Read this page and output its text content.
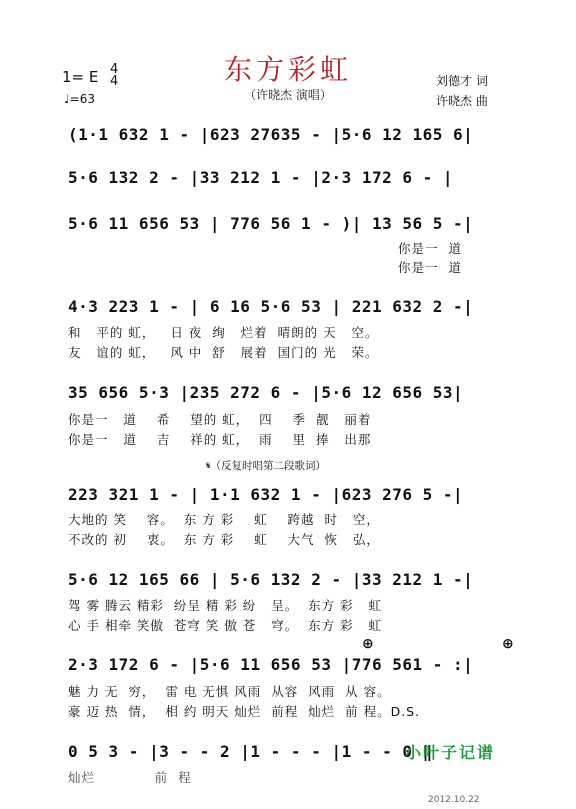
东方彩虹
（许晓杰 演唱）
1= E 4
4
♩=63
刘德才 词
许晓杰 曲
(1·1 632 1 - |623 27635 - |5·6 12 165 6|
5·6 132 2 - |33 212 1 - |2·3 172 6 - |
5·6 11 656 53 | 776 56 1 - )| 13 56 5 -|
你是一  道
你是一  道
4·3 223 1 - | 6 16 5·6 53 | 221 632 2 -|
和   平的 虹，   日 夜  绚   烂着  晴朗的 天   空。
友   谊的 虹，   风 中  舒   展着  国门的 光   荣。
35 656 5·3 |235 272 6 - |5·6 12 656 53|
你是一   道    希    望的 虹，  四    季  靓   丽着
你是一   道    吉    祥的 虹，  雨    里  捧   出那
𝄋（反复时唱第二段歌词）
223 321 1 - | 1·1 632 1 - |623 276 5 -|
大地的 笑    容。  东 方 彩    虹    跨越  时   空，
不改的 初    衷。  东 方 彩    虹    大气  恢   弘，
5·6 12 165 66 | 5·6 132 2 - |33 212 1 -|
驾 雾 腾云 精彩  纷呈 精 彩 纷   呈。  东方 彩   虹
心 手 相牵 笑傲  苍穹 笑 傲 苍   穹。  东方 彩   虹
⊕	⊕
2·3 172 6 - |5·6 11 656 53 |776 561 - :|
魅 力 无  穷，  雷 电 无惧 风雨  从容  风雨  从 容。
豪 迈 热  情，  相 约 明天 灿烂  前程  灿烂  前 程。D.S.
0 5 3 - |3 - - 2 |1 - - - |1 - - 0 ‖
灿烂            前  程
小叶子记谱
2012.10.22
